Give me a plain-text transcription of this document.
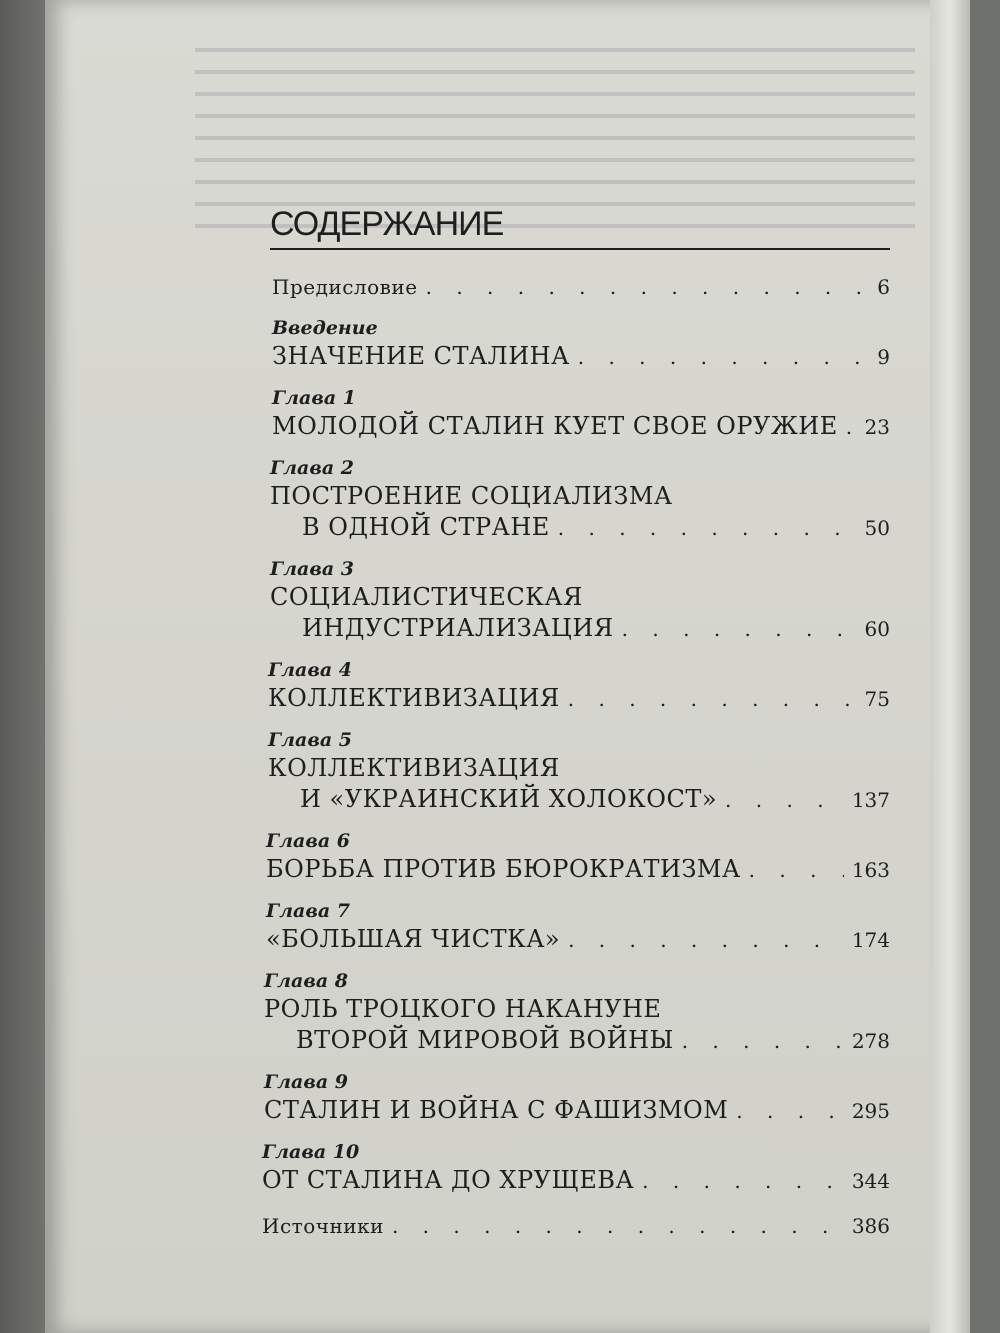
СОДЕРЖАНИЕ
Предисловие . . .	6
Введение
ЗНАЧЕНИЕ СТАЛИНА . . .	9
Глава 1
МОЛОДОЙ СТАЛИН КУЕТ СВОЕ ОРУЖИЕ . . . 23
Глава 2
ПОСТРОЕНИЕ СОЦИАЛИЗМА
В ОДНОЙ СТРАНЕ . . .	50
Глава 3
СОЦИАЛИСТИЧЕСКАЯ
ИНДУСТРИАЛИЗАЦИЯ . . .	60
Глава 4
КОЛЛЕКТИВИЗАЦИЯ . . .	75
Глава 5
КОЛЛЕКТИВИЗАЦИЯ
И «УКРАИНСКИЙ ХОЛОКОСТ» . . .	137
Глава 6
БОРЬБА ПРОТИВ БЮРОКРАТИЗМА . . .	163
Глава 7
«БОЛЬШАЯ ЧИСТКА» . . .	174
Глава 8
РОЛЬ ТРОЦКОГО НАКАНУНЕ
ВТОРОЙ МИРОВОЙ ВОЙНЫ . . .	278
Глава 9
СТАЛИН И ВОЙНА С ФАШИЗМОМ . . .	295
Глава 10
ОТ СТАЛИНА ДО ХРУЩЕВА . . .	344
Источники . . .	386
